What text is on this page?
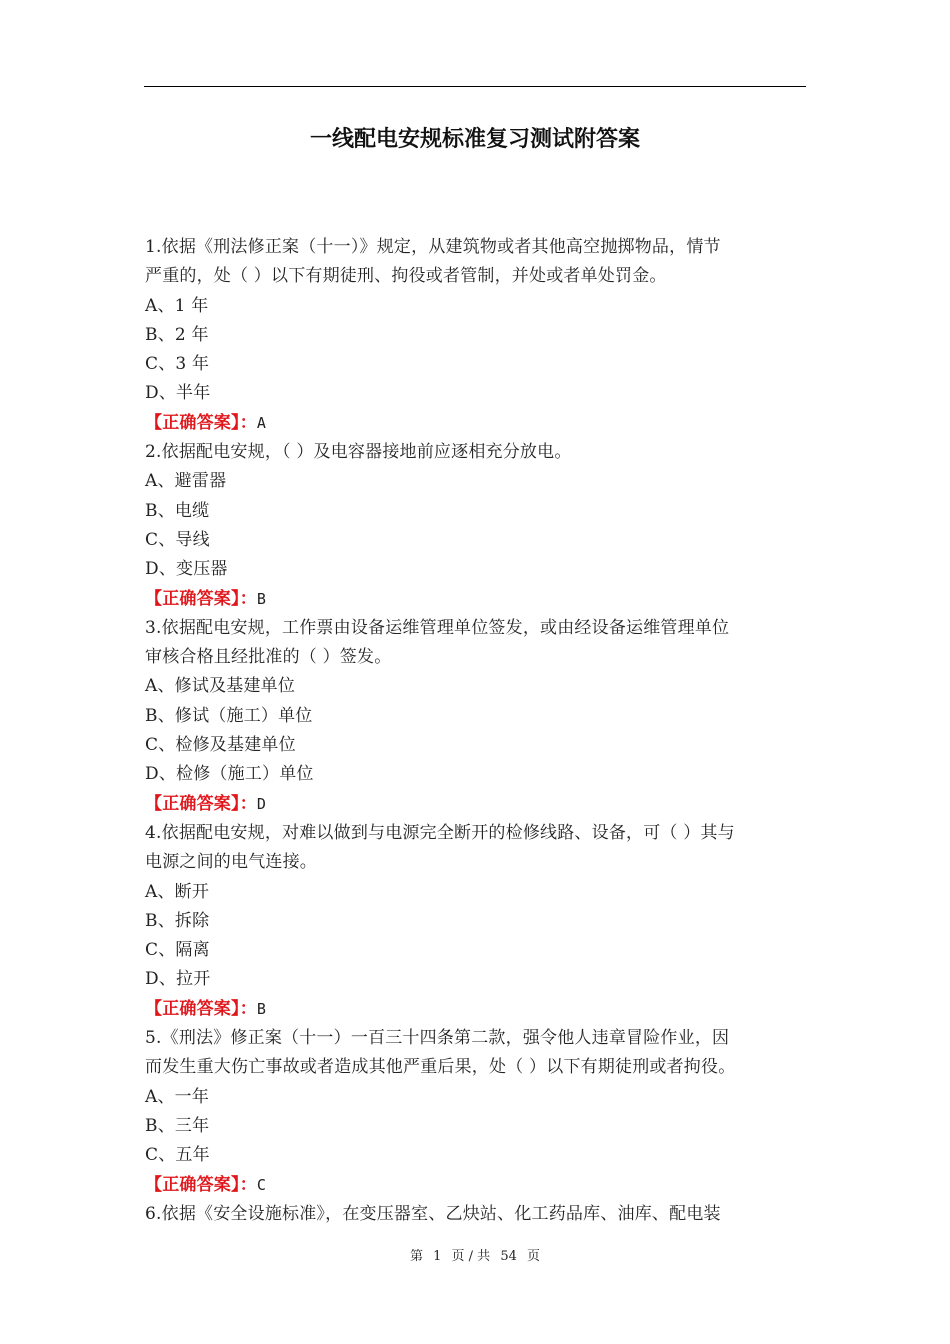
一线配电安规标准复习测试附答案
1.依据《刑法修正案（十一）》规定，从建筑物或者其他高空抛掷物品，情节
严重的，处（ ）以下有期徒刑、拘役或者管制，并处或者单处罚金。
A、1 年
B、2 年
C、3 年
D、半年
【正确答案】：A
2.依据配电安规，（ ）及电容器接地前应逐相充分放电。
A、避雷器
B、电缆
C、导线
D、变压器
【正确答案】：B
3.依据配电安规，工作票由设备运维管理单位签发，或由经设备运维管理单位
审核合格且经批准的（ ）签发。
A、修试及基建单位
B、修试（施工）单位
C、检修及基建单位
D、检修（施工）单位
【正确答案】：D
4.依据配电安规，对难以做到与电源完全断开的检修线路、设备，可（ ）其与
电源之间的电气连接。
A、断开
B、拆除
C、隔离
D、拉开
【正确答案】：B
5.《刑法》修正案（十一）一百三十四条第二款，强令他人违章冒险作业，因
而发生重大伤亡事故或者造成其他严重后果，处（ ）以下有期徒刑或者拘役。
A、一年
B、三年
C、五年
【正确答案】：C
6.依据《安全设施标准》，在变压器室、乙炔站、化工药品库、油库、配电装
第 1 页 / 共 54 页
